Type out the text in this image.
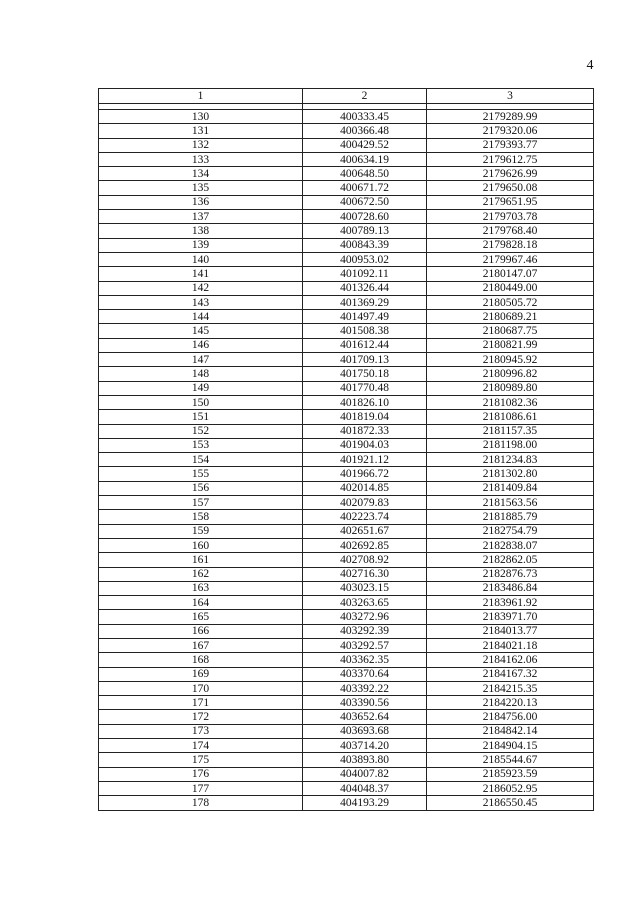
4
1	2	3

130	400333.45	2179289.99
131	400366.48	2179320.06
132	400429.52	2179393.77
133	400634.19	2179612.75
134	400648.50	2179626.99
135	400671.72	2179650.08
136	400672.50	2179651.95
137	400728.60	2179703.78
138	400789.13	2179768.40
139	400843.39	2179828.18
140	400953.02	2179967.46
141	401092.11	2180147.07
142	401326.44	2180449.00
143	401369.29	2180505.72
144	401497.49	2180689.21
145	401508.38	2180687.75
146	401612.44	2180821.99
147	401709.13	2180945.92
148	401750.18	2180996.82
149	401770.48	2180989.80
150	401826.10	2181082.36
151	401819.04	2181086.61
152	401872.33	2181157.35
153	401904.03	2181198.00
154	401921.12	2181234.83
155	401966.72	2181302.80
156	402014.85	2181409.84
157	402079.83	2181563.56
158	402223.74	2181885.79
159	402651.67	2182754.79
160	402692.85	2182838.07
161	402708.92	2182862.05
162	402716.30	2182876.73
163	403023.15	2183486.84
164	403263.65	2183961.92
165	403272.96	2183971.70
166	403292.39	2184013.77
167	403292.57	2184021.18
168	403362.35	2184162.06
169	403370.64	2184167.32
170	403392.22	2184215.35
171	403390.56	2184220.13
172	403652.64	2184756.00
173	403693.68	2184842.14
174	403714.20	2184904.15
175	403893.80	2185544.67
176	404007.82	2185923.59
177	404048.37	2186052.95
178	404193.29	2186550.45
